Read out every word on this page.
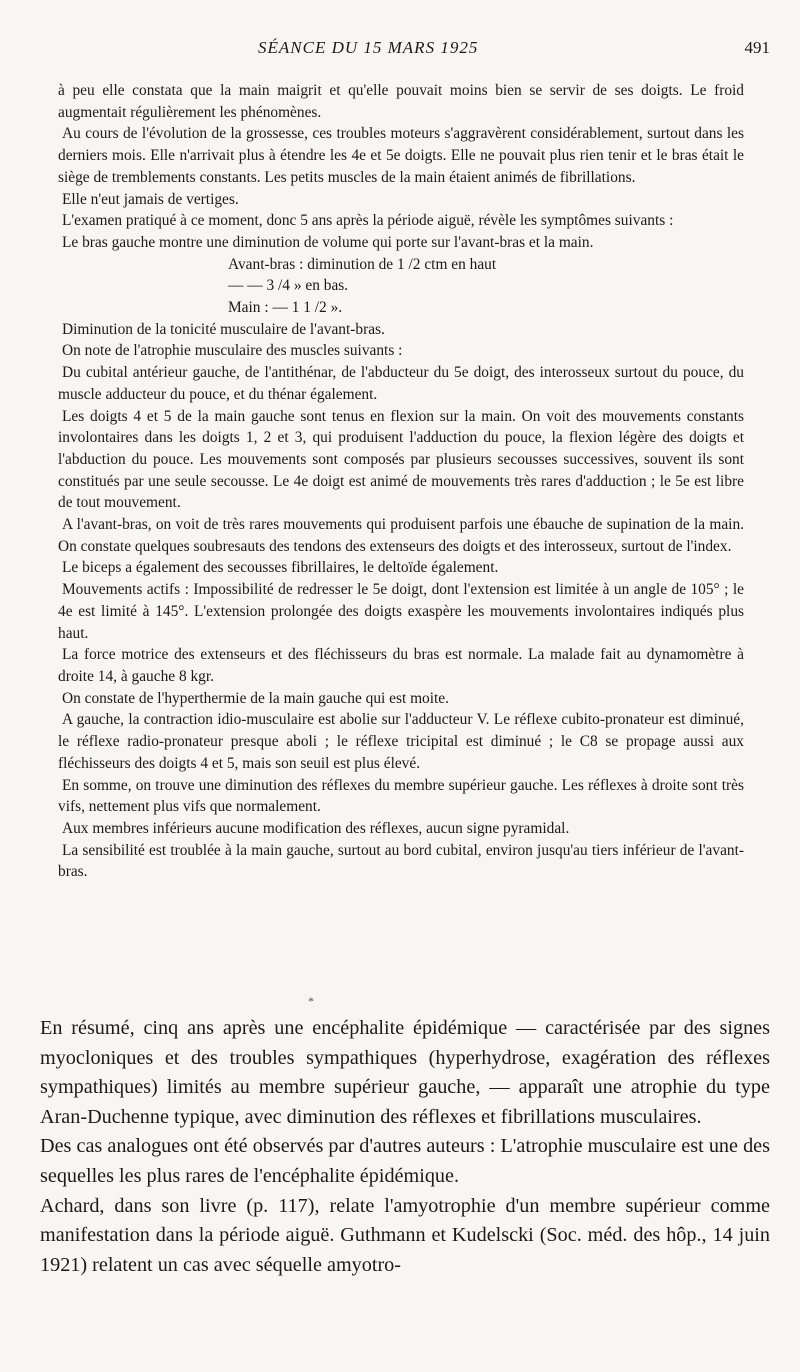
SÉANCE DU 15 MARS 1925	491

à peu elle constata que la main maigrit et qu'elle pouvait moins bien se servir de ses doigts. Le froid augmentait régulièrement les phénomènes.

Au cours de l'évolution de la grossesse, ces troubles moteurs s'aggravèrent considérablement, surtout dans les derniers mois. Elle n'arrivait plus à étendre les 4e et 5e doigts. Elle ne pouvait plus rien tenir et le bras était le siège de tremblements constants. Les petits muscles de la main étaient animés de fibrillations.

Elle n'eut jamais de vertiges.

L'examen pratiqué à ce moment, donc 5 ans après la période aiguë, révèle les symptômes suivants :

Le bras gauche montre une diminution de volume qui porte sur l'avant-bras et la main.

Avant-bras : diminution de 1 /2 ctm en haut

— — 3 /4 » en bas.

Main : — 1 1 /2 ».

Diminution de la tonicité musculaire de l'avant-bras.

On note de l'atrophie musculaire des muscles suivants :

Du cubital antérieur gauche, de l'antithénar, de l'abducteur du 5e doigt, des interosseux surtout du pouce, du muscle adducteur du pouce, et du thénar également.

Les doigts 4 et 5 de la main gauche sont tenus en flexion sur la main. On voit des mouvements constants involontaires dans les doigts 1, 2 et 3, qui produisent l'adduction du pouce, la flexion légère des doigts et l'abduction du pouce. Les mouvements sont composés par plusieurs secousses successives, souvent ils sont constitués par une seule secousse. Le 4e doigt est animé de mouvements très rares d'adduction ; le 5e est libre de tout mouvement.

A l'avant-bras, on voit de très rares mouvements qui produisent parfois une ébauche de supination de la main. On constate quelques soubresauts des tendons des extenseurs des doigts et des interosseux, surtout de l'index.

Le biceps a également des secousses fibrillaires, le deltoïde également.

Mouvements actifs : Impossibilité de redresser le 5e doigt, dont l'extension est limitée à un angle de 105° ; le 4e est limité à 145°. L'extension prolongée des doigts exaspère les mouvements involontaires indiqués plus haut.

La force motrice des extenseurs et des fléchisseurs du bras est normale. La malade fait au dynamomètre à droite 14, à gauche 8 kgr.

On constate de l'hyperthermie de la main gauche qui est moite.

A gauche, la contraction idio-musculaire est abolie sur l'adducteur V. Le réflexe cubito-pronateur est diminué, le réflexe radio-pronateur presque aboli ; le réflexe tricipital est diminué ; le C8 se propage aussi aux fléchisseurs des doigts 4 et 5, mais son seuil est plus élevé.

En somme, on trouve une diminution des réflexes du membre supérieur gauche. Les réflexes à droite sont très vifs, nettement plus vifs que normalement.

Aux membres inférieurs aucune modification des réflexes, aucun signe pyramidal.

La sensibilité est troublée à la main gauche, surtout au bord cubital, environ jusqu'au tiers inférieur de l'avant-bras.

*

En résumé, cinq ans après une encéphalite épidémique — caractérisée par des signes myocloniques et des troubles sympathiques (hyperhydrose, exagération des réflexes sympathiques) limités au membre supérieur gauche, — apparaît une atrophie du type Aran-Duchenne typique, avec diminution des réflexes et fibrillations musculaires.

Des cas analogues ont été observés par d'autres auteurs : L'atrophie musculaire est une des sequelles les plus rares de l'encéphalite épidémique.

Achard, dans son livre (p. 117), relate l'amyotrophie d'un membre supérieur comme manifestation dans la période aiguë. Guthmann et Kudelscki (Soc. méd. des hôp., 14 juin 1921) relatent un cas avec séquelle amyotro-
